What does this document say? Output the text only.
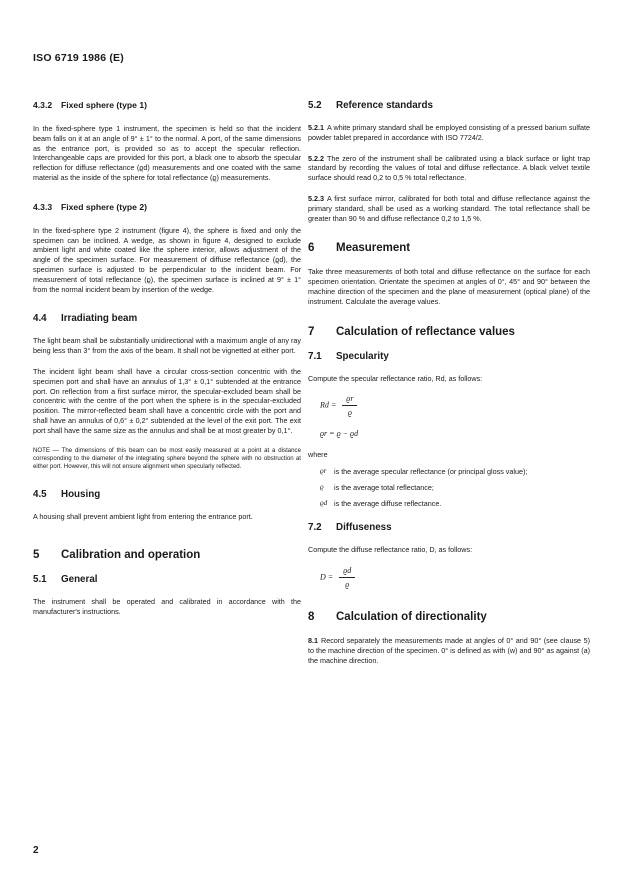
ISO 6719 1986 (E)
4.3.2 Fixed sphere (type 1)

In the fixed-sphere type 1 instrument, the specimen is held so that the incident beam falls on it at an angle of 9° ± 1° to the normal. A port, of the same dimensions as the entrance port, is provided so as to accept the specular reflection. Interchangeable caps are provided for this port, a black one to absorb the specular reflection for diffuse reflectance (ϱd) measurements and one coated with the same material as the inside of the sphere for total reflectance (ϱ) measurements.

4.3.3 Fixed sphere (type 2)

In the fixed-sphere type 2 instrument (figure 4), the sphere is fixed and only the specimen can be inclined. A wedge, as shown in figure 4, designed to exclude ambient light and white coated like the sphere interior, allows adjustment of the angle of the specimen surface. For measurement of diffuse reflectance (ϱd), the specimen surface is adjusted to be perpendicular to the incident beam. For measurement of total reflectance (ϱ), the specimen surface is inclined at 9° ± 1° from the normal incident beam by insertion of the wedge.

4.4 Irradiating beam

The light beam shall be substantially unidirectional with a maximum angle of any ray being less than 3° from the axis of the beam. It shall not be vignetted at either port.

The incident light beam shall have a circular cross-section concentric with the specimen port and shall have an annulus of 1,3° ± 0,1° subtended at the entrance port. On reflection from a first surface mirror, the specular-excluded beam shall be concentric with the centre of the port when the sphere is in the specular-excluded position. The mirror-reflected beam shall have a concentric circle with the port and shall have an annulus of 0,6° ± 0,2° subtended at the level of the exit port. The exit port shall have the same size as the annulus and shall be at most greater by 0,1°.

NOTE — The dimensions of this beam can be most easily measured at a point at a distance corresponding to the diameter of the integrating sphere beyond the sphere with no obstruction at either port. However, this will not ensure alignment when specularly reflected.
4.5 Housing

A housing shall prevent ambient light from entering the entrance port.

5 Calibration and operation
5.1 General

The instrument shall be operated and calibrated in accordance with the manufacturer's instructions.

5.2 Reference standards

5.2.1 A white primary standard shall be employed consisting of a pressed barium sulfate powder tablet prepared in accordance with ISO 7724/2.

5.2.2 The zero of the instrument shall be calibrated using a black surface or light trap standard by recording the values of total and diffuse reflectance. A black velvet textile surface should read 0,2 to 0,5 % total reflectance.

5.2.3 A first surface mirror, calibrated for both total and diffuse reflectance against the primary standard, shall be used as a working standard. The total reflectance shall be greater than 90 % and diffuse reflectance 0,2 to 1,5 %.

6 Measurement

Take three measurements of both total and diffuse reflectance on the surface for each specimen orientation. Orientate the specimen at angles of 0°, 45° and 90° between the machine direction of the specimen and the plane of measurement (optical plane) of the instrument. Calculate the average values.

7 Calculation of reflectance values
7.1 Specularity

Compute the specular reflectance ratio, Rd, as follows:

$Rd = \frac{ϱr}{ϱ}$
ϱr = ϱ − ϱd
where
ϱr	is the average specular reflectance (or principal gloss value);
ϱ	is the average total reflectance;
ϱd is the average diffuse reflectance.
7.2 Diffuseness

Compute the diffuse reflectance ratio, D, as follows:

$D = \frac{ϱd}{ϱ}$
8 Calculation of directionality

8.1 Record separately the measurements made at angles of 0° and 90° (see clause 5) to the machine direction of the specimen. 0° is defined as with (w) and 90° as against (a) the machine direction.

2
